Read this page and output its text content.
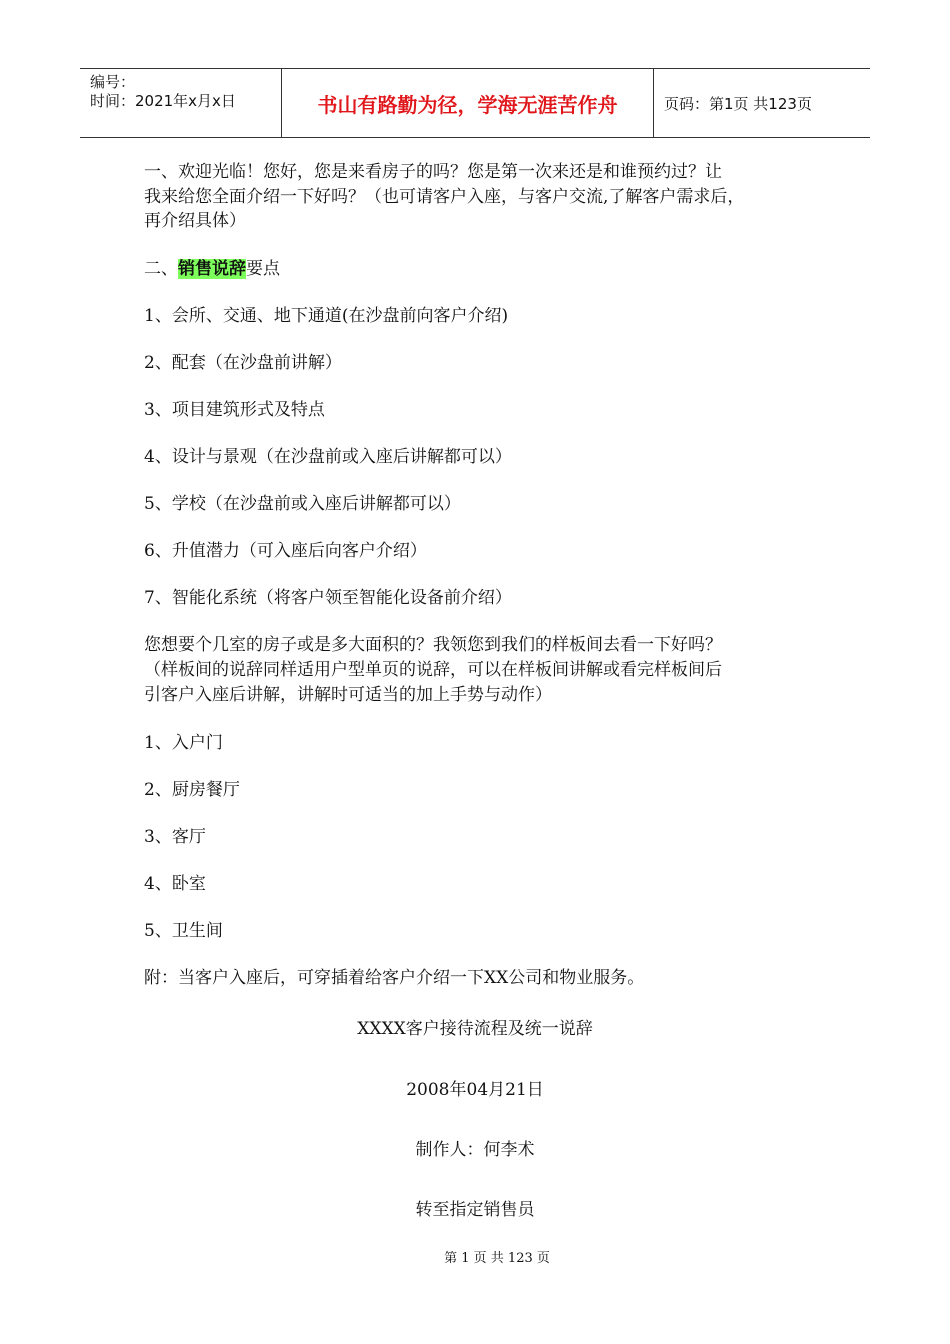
编号：
时间：2021年x月x日	书山有路勤为径，学海无涯苦作舟	页码：第1页 共123页

一、欢迎光临！您好，您是来看房子的吗？您是第一次来还是和谁预约过？让

我来给您全面介绍一下好吗？（也可请客户入座，与客户交流,了解客户需求后，

再介绍具体）

二、销售说辞要点

1、会所、交通、地下通道(在沙盘前向客户介绍)

2、配套（在沙盘前讲解）

3、项目建筑形式及特点

4、设计与景观（在沙盘前或入座后讲解都可以）

5、学校（在沙盘前或入座后讲解都可以）

6、升值潜力（可入座后向客户介绍）

7、智能化系统（将客户领至智能化设备前介绍）

您想要个几室的房子或是多大面积的？我领您到我们的样板间去看一下好吗？

（样板间的说辞同样适用户型单页的说辞，可以在样板间讲解或看完样板间后

引客户入座后讲解，讲解时可适当的加上手势与动作）

1、入户门

2、厨房餐厅

3、客厅

4、卧室

5、卫生间

附：当客户入座后，可穿插着给客户介绍一下XX公司和物业服务。

XXXX客户接待流程及统一说辞
2008年04月21日
制作人：何李术
转至指定销售员
第 1 页 共 123 页
